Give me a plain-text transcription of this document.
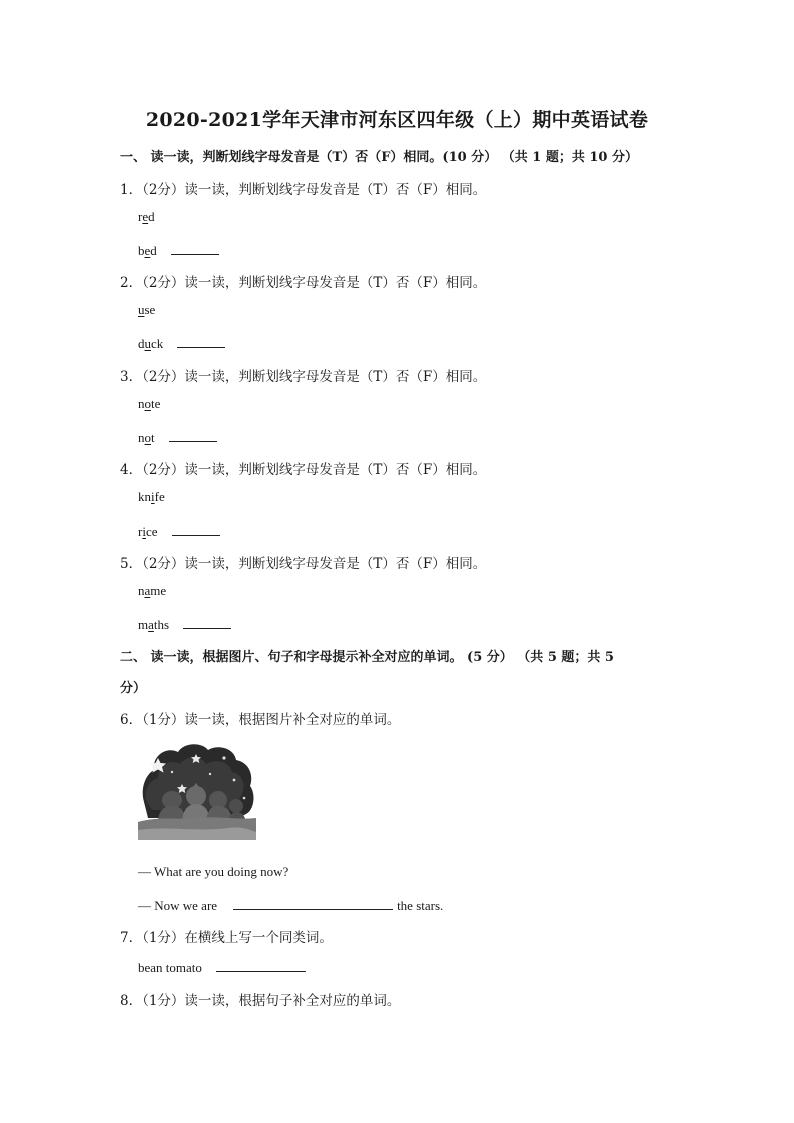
2020-2021学年天津市河东区四年级（上）期中英语试卷
一、 读一读，判断划线字母发音是（T）否（F）相同。(10 分） （共 1 题；共 10 分）
1．（2分）读一读，判断划线字母发音是（T）否（F）相同。
red
bed
2．（2分）读一读，判断划线字母发音是（T）否（F）相同。
use
duck
3．（2分）读一读，判断划线字母发音是（T）否（F）相同。
note
not
4．（2分）读一读，判断划线字母发音是（T）否（F）相同。
knife
rice
5．（2分）读一读，判断划线字母发音是（T）否（F）相同。
name
maths
二、 读一读，根据图片、句子和字母提示补全对应的单词。 (5 分） （共 5 题；共 5
分）
6．（1分）读一读，根据图片补全对应的单词。
— What are you doing now?
— Now we are	the stars.
7．（1分）在横线上写一个同类词。
bean tomato
8．（1分）读一读，根据句子补全对应的单词。
